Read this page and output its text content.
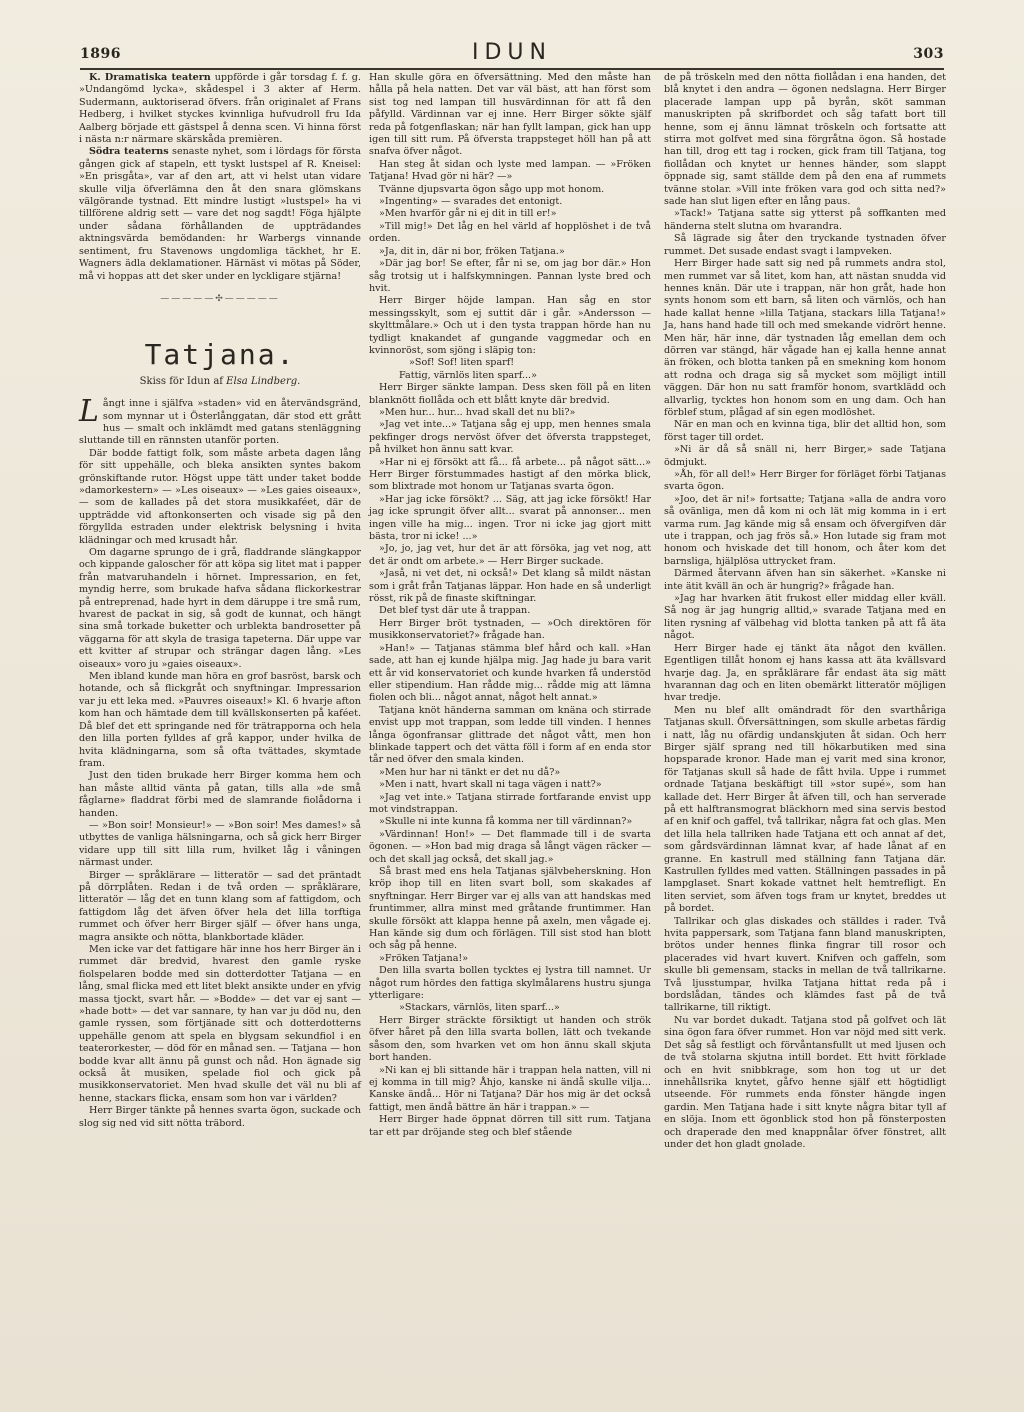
1896	IDUN	303

K. Dramatiska teatern uppförde i går torsdag f. f. g. »Undangömd lycka», skådespel i 3 akter af Herm. Sudermann, auktoriserad öfvers. från originalet af Frans Hedberg, i hvilket styckes kvinnliga hufvudroll fru Ida Aalberg började ett gästspel å denna scen. Vi hinna först i nästa n:r närmare skärskåda premièren.

Södra teaterns senaste nyhet, som i lördags för första gången gick af stapeln, ett tyskt lustspel af R. Kneisel: »En prisgåta», var af den art, att vi helst utan vidare skulle vilja öfverlämna den åt den snara glömskans välgörande tystnad. Ett mindre lustigt »lustspel» ha vi tillförene aldrig sett — vare det nog sagdt! Föga hjälpte under sådana förhållanden de uppträdandes aktningsvärda bemödanden: hr Warbergs vinnande sentiment, fru Stavenows ungdomliga täckhet, hr E. Wagners ädla deklamationer. Härnäst vi mötas på Söder, må vi hoppas att det sker under en lyckligare stjärna!

—————✣—————
Tatjana.
Skiss för Idun af Elsa Lindberg.

Långt inne i själfva »staden» vid en återvändsgränd, som mynnar ut i Österlånggatan, där stod ett grått hus — smalt och inklämdt med gatans stenläggning sluttande till en rännsten utanför porten.

Där bodde fattigt folk, som måste arbeta dagen lång för sitt uppehälle, och bleka ansikten syntes bakom grönskiftande rutor. Högst uppe tätt under taket bodde »damorkestern» — »Les oiseaux» — »Les gaies oiseaux», — som de kallades på det stora musikkaféet, där de uppträdde vid aftonkonserten och visade sig på den förgyllda estraden under elektrisk belysning i hvita klädningar och med krusadt hår.

Om dagarne sprungo de i grå, fladdrande slängkappor och kippande galoscher för att köpa sig litet mat i papper från matvaruhandeln i hörnet. Impressarion, en fet, myndig herre, som brukade hafva sådana flickorkestrar på entreprenad, hade hyrt in dem däruppe i tre små rum, hvarest de packat in sig, så godt de kunnat, och hängt sina små torkade buketter och urblekta bandrosetter på väggarna för att skyla de trasiga tapeterna. Där uppe var ett kvitter af strupar och strängar dagen lång. »Les oiseaux» voro ju »gaies oiseaux».

Men ibland kunde man höra en grof basröst, barsk och hotande, och så flickgråt och snyftningar. Impressarion var ju ett leka med. »Pauvres oiseaux!» Kl. 6 hvarje afton kom han och hämtade dem till kvällskonserten på kaféet. Då blef det ett springande ned för trätrapporna och hela den lilla porten fylldes af grå kappor, under hvilka de hvita klädningarna, som så ofta tvättades, skymtade fram.

Just den tiden brukade herr Birger komma hem och han måste alltid vänta på gatan, tills alla »de små fåglarne» fladdrat förbi med de slamrande fiolådorna i handen.

— »Bon soir! Monsieur!» — »Bon soir! Mes dames!» så utbyttes de vanliga hälsningarna, och så gick herr Birger vidare upp till sitt lilla rum, hvilket låg i våningen närmast under.

Birger — språklärare — litteratör — sad det präntadt på dörrplåten. Redan i de två orden — språklärare, litteratör — låg det en tunn klang som af fattigdom, och fattigdom låg det äfven öfver hela det lilla torftiga rummet och öfver herr Birger själf — öfver hans unga, magra ansikte och nötta, blankbortade kläder.

Men icke var det fattigare här inne hos herr Birger än i rummet där bredvid, hvarest den gamle ryske fiolspelaren bodde med sin dotterdotter Tatjana — en lång, smal flicka med ett litet blekt ansikte under en yfvig massa tjockt, svart hår. — »Bodde» — det var ej sant — »hade bott» — det var sannare, ty han var ju död nu, den gamle ryssen, som förtjänade sitt och dotterdotterns uppehälle genom att spela en blygsam sekundfiol i en teaterorkester, — död för en månad sen. — Tatjana — hon bodde kvar allt ännu på gunst och nåd. Hon ägnade sig också åt musiken, spelade fiol och gick på musikkonservatoriet. Men hvad skulle det väl nu bli af henne, stackars flicka, ensam som hon var i världen?

Herr Birger tänkte på hennes svarta ögon, suckade och slog sig ned vid sitt nötta träbord.

Han skulle göra en öfversättning. Med den måste han hålla på hela natten. Det var väl bäst, att han först som sist tog ned lampan till husvärdinnan för att få den påfylld. Värdinnan var ej inne. Herr Birger sökte själf reda på fotgenflaskan; när han fyllt lampan, gick han upp igen till sitt rum. På öfversta trappsteget höll han på att snafva öfver något.

Han steg åt sidan och lyste med lampan. — »Fröken Tatjana! Hvad gör ni här? —»

Tvänne djupsvarta ögon sågo upp mot honom.

»Ingenting» — svarades det entonigt.

»Men hvarför går ni ej dit in till er!»

»Till mig!» Det låg en hel värld af hopplöshet i de två orden.

»Ja, dit in, där ni bor, fröken Tatjana.»

»Där jag bor! Se efter, får ni se, om jag bor där.» Hon såg trotsig ut i halfskymningen. Pannan lyste bred och hvit.

Herr Birger höjde lampan. Han såg en stor messingsskylt, som ej suttit där i går. »Andersson — skylttmålare.» Och ut i den tysta trappan hörde han nu tydligt knakandet af gungande vaggmedar och en kvinnoröst, som sjöng i släpig ton:

»Sof! Sof! liten sparf!

Fattig, värnlös liten sparf...»

Herr Birger sänkte lampan. Dess sken föll på en liten blanknött fiollåda och ett blått knyte där bredvid.

»Men hur... hur... hvad skall det nu bli?»

»Jag vet inte...» Tatjana såg ej upp, men hennes smala pekfinger drogs nervöst öfver det öfversta trappsteget, på hvilket hon ännu satt kvar.

»Har ni ej försökt att få... få arbete... på något sätt...» Herr Birger förstummades hastigt af den mörka blick, som blixtrade mot honom ur Tatjanas svarta ögon.

»Har jag icke försökt? ... Säg, att jag icke försökt! Har jag icke sprungit öfver allt... svarat på annonser... men ingen ville ha mig... ingen. Tror ni icke jag gjort mitt bästa, tror ni icke! ...»

»Jo, jo, jag vet, hur det är att försöka, jag vet nog, att det är ondt om arbete.» — Herr Birger suckade.

»Jaså, ni vet det, ni också!» Det klang så mildt nästan som i gråt från Tatjanas läppar. Hon hade en så underligt rösst, rik på de finaste skiftningar.

Det blef tyst där ute å trappan.

Herr Birger bröt tystnaden, — »Och direktören för musikkonservatoriet?» frågade han.

»Han!» — Tatjanas stämma blef hård och kall. »Han sade, att han ej kunde hjälpa mig. Jag hade ju bara varit ett år vid konservatoriet och kunde hvarken få understöd eller stipendium. Han rådde mig... rådde mig att lämna fiolen och bli... något annat, något helt annat.»

Tatjana knöt händerna samman om knäna och stirrade envist upp mot trappan, som ledde till vinden. I hennes långa ögonfransar glittrade det något vått, men hon blinkade tappert och det vätta föll i form af en enda stor tår ned öfver den smala kinden.

»Men hur har ni tänkt er det nu då?»

»Men i natt, hvart skall ni taga vägen i natt?»

»Jag vet inte.» Tatjana stirrade fortfarande envist upp mot vindstrappan.

»Skulle ni inte kunna få komma ner till värdinnan?»

»Värdinnan! Hon!» — Det flammade till i de svarta ögonen. — »Hon bad mig draga så långt vägen räcker — och det skall jag också, det skall jag.»

Så brast med ens hela Tatjanas självbeherskning. Hon kröp ihop till en liten svart boll, som skakades af snyftningar. Herr Birger var ej alls van att handskas med fruntimmer, allra minst med gråtande fruntimmer. Han skulle försökt att klappa henne på axeln, men vågade ej. Han kände sig dum och förlägen. Till sist stod han blott och såg på henne.

»Fröken Tatjana!»

Den lilla svarta bollen tycktes ej lystra till namnet. Ur något rum hördes den fattiga skylmålarens hustru sjunga ytterligare:

»Stackars, värnlös, liten sparf...»

Herr Birger sträckte försiktigt ut handen och strök öfver håret på den lilla svarta bollen, lätt och tvekande såsom den, som hvarken vet om hon ännu skall skjuta bort handen.

»Ni kan ej bli sittande här i trappan hela natten, vill ni ej komma in till mig? Åhjo, kanske ni ändå skulle vilja... Kanske ändå... Hör ni Tatjana? Där hos mig är det också fattigt, men ändå bättre än här i trappan.» —

Herr Birger hade öppnat dörren till sitt rum. Tatjana tar ett par dröjande steg och blef stående

de på tröskeln med den nötta fiollådan i ena handen, det blå knytet i den andra — ögonen nedslagna. Herr Birger placerade lampan upp på byrån, sköt samman manuskripten på skrifbordet och såg tafatt bort till henne, som ej ännu lämnat tröskeln och fortsatte att stirra mot golfvet med sina förgråtna ögon. Så hostade han till, drog ett tag i rocken, gick fram till Tatjana, tog fiollådan och knytet ur hennes händer, som slappt öppnade sig, samt ställde dem på den ena af rummets tvänne stolar. »Vill inte fröken vara god och sitta ned?» sade han slut ligen efter en lång paus.

»Tack!» Tatjana satte sig ytterst på soffkanten med händerna stelt slutna om hvarandra.

Så lägrade sig åter den tryckande tystnaden öfver rummet. Det susade endast svagt i lampveken.

Herr Birger hade satt sig ned på rummets andra stol, men rummet var så litet, kom han, att nästan snudda vid hennes knän. Där ute i trappan, när hon gråt, hade hon synts honom som ett barn, så liten och värnlös, och han hade kallat henne »lilla Tatjana, stackars lilla Tatjana!» Ja, hans hand hade till och med smekande vidrört henne. Men här, här inne, där tystnaden låg emellan dem och dörren var stängd, här vågade han ej kalla henne annat än fröken, och blotta tanken på en smekning kom honom att rodna och draga sig så mycket som möjligt intill väggen. Där hon nu satt framför honom, svartklädd och allvarlig, tycktes hon honom som en ung dam. Och han förblef stum, plågad af sin egen modlöshet.

När en man och en kvinna tiga, blir det alltid hon, som först tager till ordet.

»Ni är då så snäll ni, herr Birger,» sade Tatjana ödmjukt.

»Åh, för all del!» Herr Birger for förläget förbi Tatjanas svarta ögon.

»Joo, det är ni!» fortsatte; Tatjana »alla de andra voro så ovänliga, men då kom ni och lät mig komma in i ert varma rum. Jag kände mig så ensam och öfvergifven där ute i trappan, och jag frös så.» Hon lutade sig fram mot honom och hviskade det till honom, och åter kom det barnsliga, hjälplösa uttrycket fram.

Därmed återvann äfven han sin säkerhet. »Kanske ni inte ätit kväll än och är hungrig?» frågade han.

»Jag har hvarken ätit frukost eller middag eller kväll. Så nog är jag hungrig alltid,» svarade Tatjana med en liten rysning af välbehag vid blotta tanken på att få äta något.

Herr Birger hade ej tänkt äta något den kvällen. Egentligen tillåt honom ej hans kassa att äta kvällsvard hvarje dag. Ja, en språklärare får endast äta sig mätt hvarannan dag och en liten obemärkt litteratör möjligen hvar tredje.

Men nu blef allt omändradt för den svarthåriga Tatjanas skull. Öfversättningen, som skulle arbetas färdig i natt, låg nu ofärdig undanskjuten åt sidan. Och herr Birger själf sprang ned till hökarbutiken med sina hopsparade kronor. Hade man ej varit med sina kronor, för Tatjanas skull så hade de fått hvila. Uppe i rummet ordnade Tatjana beskäftigt till »stor supé», som han kallade det. Herr Birger åt äfven till, och han serverade på ett halftransmograt bläckhorn med sina servis bestod af en knif och gaffel, två tallrikar, några fat och glas. Men det lilla hela tallriken hade Tatjana ett och annat af det, som gårdsvärdinnan lämnat kvar, af hade lånat af en granne. En kastrull med ställning fann Tatjana där. Kastrullen fylldes med vatten. Ställningen passades in på lampglaset. Snart kokade vattnet helt hemtrefligt. En liten serviet, som äfven togs fram ur knytet, breddes ut på bordet.

Tallrikar och glas diskades och ställdes i rader. Två hvita pappersark, som Tatjana fann bland manuskripten, brötos under hennes flinka fingrar till rosor och placerades vid hvart kuvert. Knifven och gaffeln, som skulle bli gemensam, stacks in mellan de två tallrikarne. Två ljusstumpar, hvilka Tatjana hittat reda på i bordslådan, tändes och klämdes fast på de två tallrikarne, till riktigt.

Nu var bordet dukadt. Tatjana stod på golfvet och lät sina ögon fara öfver rummet. Hon var nöjd med sitt verk. Det såg så festligt och förvåntansfullt ut med ljusen och de två stolarna skjutna intill bordet. Ett hvitt förklade och en hvit snibbkrage, som hon tog ut ur det innehållsrika knytet, gåfvo henne själf ett högtidligt utseende. För rummets enda fönster hängde ingen gardin. Men Tatjana hade i sitt knyte några bitar tyll af en slöja. Inom ett ögonblick stod hon på fönsterposten och draperade den med knappnålar öfver fönstret, allt under det hon gladt gnolade.
